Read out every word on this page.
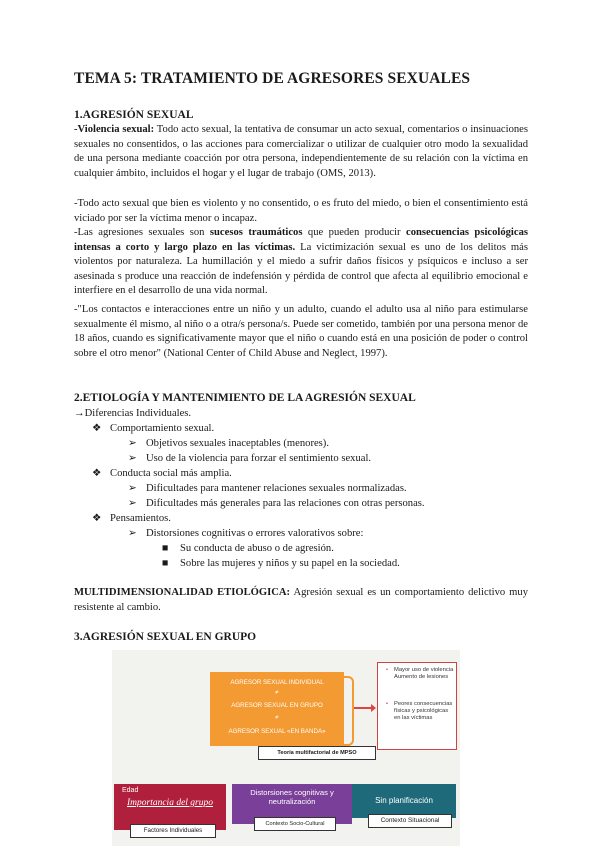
TEMA 5: TRATAMIENTO DE AGRESORES SEXUALES
1.AGRESIÓN SEXUAL

-Violencia sexual: Todo acto sexual, la tentativa de consumar un acto sexual, comentarios o insinuaciones sexuales no consentidos, o las acciones para comercializar o utilizar de cualquier otro modo la sexualidad de una persona mediante coacción por otra persona, independientemente de su relación con la víctima en cualquier ámbito, incluidos el hogar y el lugar de trabajo (OMS, 2013).

-Todo acto sexual que bien es violento y no consentido, o es fruto del miedo, o bien el consentimiento está viciado por ser la víctima menor o incapaz.

-Las agresiones sexuales son sucesos traumáticos que pueden producir consecuencias psicológicas intensas a corto y largo plazo en las víctimas. La victimización sexual es uno de los delitos más violentos por naturaleza. La humillación y el miedo a sufrir daños físicos y psíquicos e incluso a ser asesinada s produce una reacción de indefensión y pérdida de control que afecta al equilibrio emocional e interfiere en el desarrollo de una vida normal.

-"Los contactos e interacciones entre un niño y un adulto, cuando el adulto usa al niño para estimularse sexualmente él mismo, al niño o a otra/s persona/s. Puede ser cometido, también por una persona menor de 18 años, cuando es significativamente mayor que el niño o cuando está en una posición de poder o control sobre el otro menor" (National Center of Child Abuse and Neglect, 1997).

2.ETIOLOGÍA Y MANTENIMIENTO DE LA AGRESIÓN SEXUAL
→Diferencias Individuales.
❖ Comportamiento sexual.
➢ Objetivos sexuales inaceptables (menores).
➢ Uso de la violencia para forzar el sentimiento sexual.
❖ Conducta social más amplia.
➢ Dificultades para mantener relaciones sexuales normalizadas.
➢ Dificultades más generales para las relaciones con otras personas.
❖ Pensamientos.
➢ Distorsiones cognitivas o errores valorativos sobre:
■ Su conducta de abuso o de agresión.
■ Sobre las mujeres y niños y su papel en la sociedad.

MULTIDIMENSIONALIDAD ETIOLÓGICA: Agresión sexual es un comportamiento delictivo muy resistente al cambio.

3.AGRESIÓN SEXUAL EN GRUPO
AGRESOR SEXUAL INDIVIDUAL
≠
AGRESOR SEXUAL EN GRUPO
≠
AGRESOR SEXUAL «EN BANDA»
Teoría multifactorial de MPSO
• Mayor uso de violencia Aumento de lesiones
• Peores consecuencias físicas y psicológicas en las víctimas
Edad
Importancia del grupo
Factores Individuales
Distorsiones cognitivas y neutralización
Contexto Socio-Cultural
Sin planificación
Contexto Situacional
